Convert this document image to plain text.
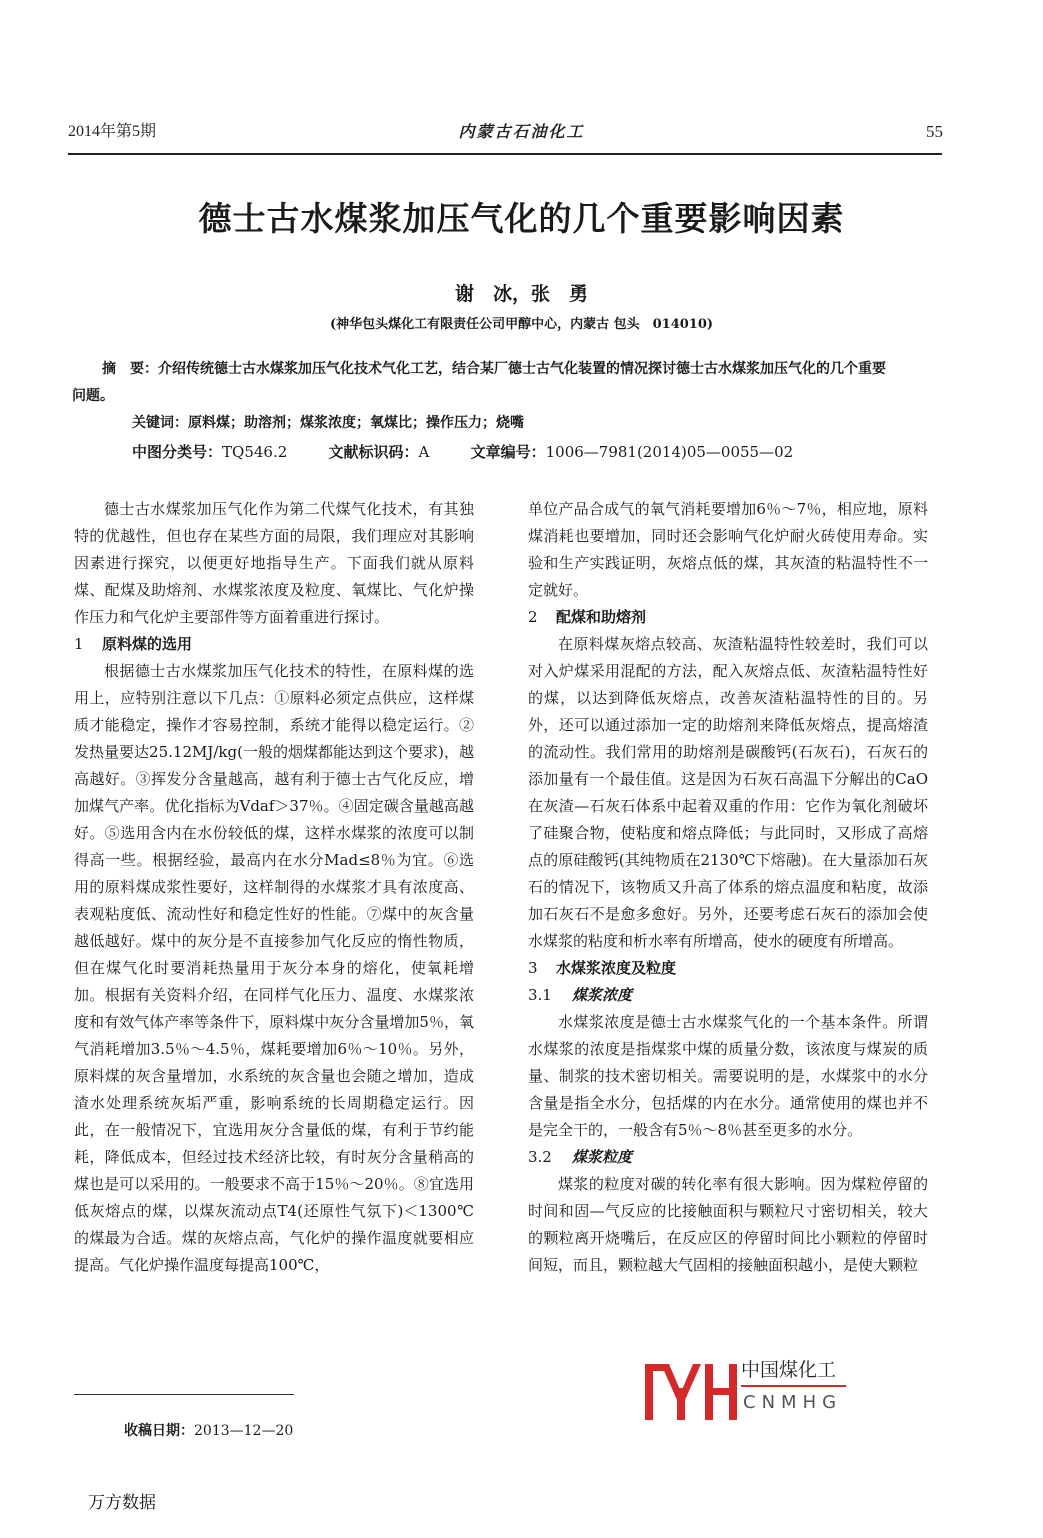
2014年第5期	内蒙古石油化工	55
德士古水煤浆加压气化的几个重要影响因素
谢　冰，张　勇
(神华包头煤化工有限责任公司甲醇中心，内蒙古 包头　014010)
摘　要：介绍传统德士古水煤浆加压气化技术气化工艺，结合某厂德士古气化装置的情况探讨德士古水煤浆加压气化的几个重要问题。
关键词：原料煤；助溶剂；煤浆浓度；氧煤比；操作压力；烧嘴
中图分类号：TQ546.2	文献标识码：A	文章编号：1006—7981(2014)05—0055—02

德士古水煤浆加压气化作为第二代煤气化技术，有其独特的优越性，但也存在某些方面的局限，我们理应对其影响因素进行探究，以便更好地指导生产。下面我们就从原料煤、配煤及助熔剂、水煤浆浓度及粒度、氧煤比、气化炉操作压力和气化炉主要部件等方面着重进行探讨。

1 原料煤的选用

根据德士古水煤浆加压气化技术的特性，在原料煤的选用上，应特别注意以下几点：①原料必须定点供应，这样煤质才能稳定，操作才容易控制，系统才能得以稳定运行。②发热量要达25.12MJ/kg(一般的烟煤都能达到这个要求)，越高越好。③挥发分含量越高，越有利于德士古气化反应，增加煤气产率。优化指标为Vdaf＞37％。④固定碳含量越高越好。⑤选用含内在水份较低的煤，这样水煤浆的浓度可以制得高一些。根据经验，最高内在水分Mad≤8％为宜。⑥选用的原料煤成浆性要好，这样制得的水煤浆才具有浓度高、表观粘度低、流动性好和稳定性好的性能。⑦煤中的灰含量越低越好。煤中的灰分是不直接参加气化反应的惰性物质，但在煤气化时要消耗热量用于灰分本身的熔化，使氧耗增加。根据有关资料介绍，在同样气化压力、温度、水煤浆浓度和有效气体产率等条件下，原料煤中灰分含量增加5％，氧气消耗增加3.5％～4.5％，煤耗要增加6％～10％。另外，原料煤的灰含量增加，水系统的灰含量也会随之增加，造成渣水处理系统灰垢严重，影响系统的长周期稳定运行。因此，在一般情况下，宜选用灰分含量低的煤，有利于节约能耗，降低成本，但经过技术经济比较，有时灰分含量稍高的煤也是可以采用的。一般要求不高于15％～20％。⑧宜选用低灰熔点的煤，以煤灰流动点T4(还原性气氛下)＜1300℃的煤最为合适。煤的灰熔点高，气化炉的操作温度就要相应提高。气化炉操作温度每提高100℃，

单位产品合成气的氧气消耗要增加6％～7％，相应地，原料煤消耗也要增加，同时还会影响气化炉耐火砖使用寿命。实验和生产实践证明，灰熔点低的煤，其灰渣的粘温特性不一定就好。

2 配煤和助熔剂

在原料煤灰熔点较高、灰渣粘温特性较差时，我们可以对入炉煤采用混配的方法，配入灰熔点低、灰渣粘温特性好的煤，以达到降低灰熔点，改善灰渣粘温特性的目的。另外，还可以通过添加一定的助熔剂来降低灰熔点，提高熔渣的流动性。我们常用的助熔剂是碳酸钙(石灰石)，石灰石的添加量有一个最佳值。这是因为石灰石高温下分解出的CaO在灰渣—石灰石体系中起着双重的作用：它作为氧化剂破坏了硅聚合物，使粘度和熔点降低；与此同时，又形成了高熔点的原硅酸钙(其纯物质在2130℃下熔融)。在大量添加石灰石的情况下，该物质又升高了体系的熔点温度和粘度，故添加石灰石不是愈多愈好。另外，还要考虑石灰石的添加会使水煤浆的粘度和析水率有所增高，使水的硬度有所增高。

3 水煤浆浓度及粒度
3.1 煤浆浓度

水煤浆浓度是德士古水煤浆气化的一个基本条件。所谓水煤浆的浓度是指煤浆中煤的质量分数，该浓度与煤炭的质量、制浆的技术密切相关。需要说明的是，水煤浆中的水分含量是指全水分，包括煤的内在水分。通常使用的煤也并不是完全干的，一般含有5％～8％甚至更多的水分。

3.2 煤浆粒度

煤浆的粒度对碳的转化率有很大影响。因为煤粒停留的时间和固—气反应的比接触面积与颗粒尺寸密切相关，较大的颗粒离开烧嘴后，在反应区的停留时间比小颗粒的停留时间短，而且，颗粒越大气固相的接触面积越小，是使大颗粒

收稿日期：2013—12—20
万方数据
中国煤化工
CNMHG
